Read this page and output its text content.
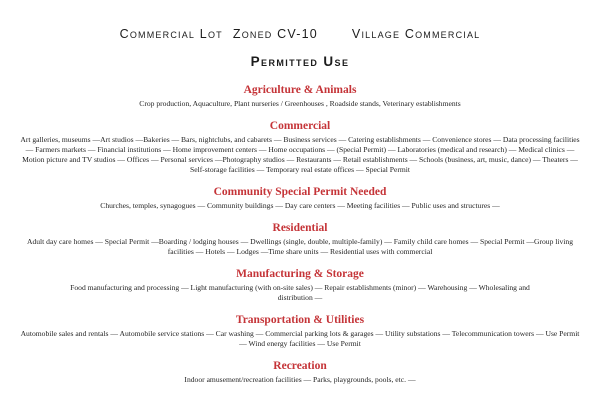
Commercial Lot Zoned CV-10	Village Commercial
Permitted Use
Agriculture & Animals
Crop production, Aquaculture, Plant nurseries / Greenhouses , Roadside stands, Veterinary establishments
Commercial
Art galleries, museums —Art studios —Bakeries — Bars, nightclubs, and cabarets — Business services — Catering establishments — Convenience stores — Data processing facilities — Farmers markets — Financial institutions — Home improvement centers — Home occupations — (Special Permit) — Laboratories (medical and research) — Medical clinics — Motion picture and TV studios — Offices — Personal services —Photography studios — Restaurants — Retail establishments — Schools (business, art, music, dance) — Theaters — Self-storage facilities — Temporary real estate offices — Special Permit
Community Special Permit Needed
Churches, temples, synagogues — Community buildings — Day care centers — Meeting facilities — Public uses and structures —
Residential
Adult day care homes — Special Permit —Boarding / lodging houses — Dwellings (single, double, multiple-family) — Family child care homes — Special Permit —Group living facilities — Hotels — Lodges —Time share units — Residential uses with commercial
Manufacturing & Storage
Food manufacturing and processing — Light manufacturing (with on-site sales) — Repair establishments (minor) — Warehousing — Wholesaling and distribution —
Transportation & Utilities
Automobile sales and rentals — Automobile service stations — Car washing — Commercial parking lots & garages — Utility substations — Telecommunication towers — Use Permit — Wind energy facilities — Use Permit
Recreation
Indoor amusement/recreation facilities — Parks, playgrounds, pools, etc. —
